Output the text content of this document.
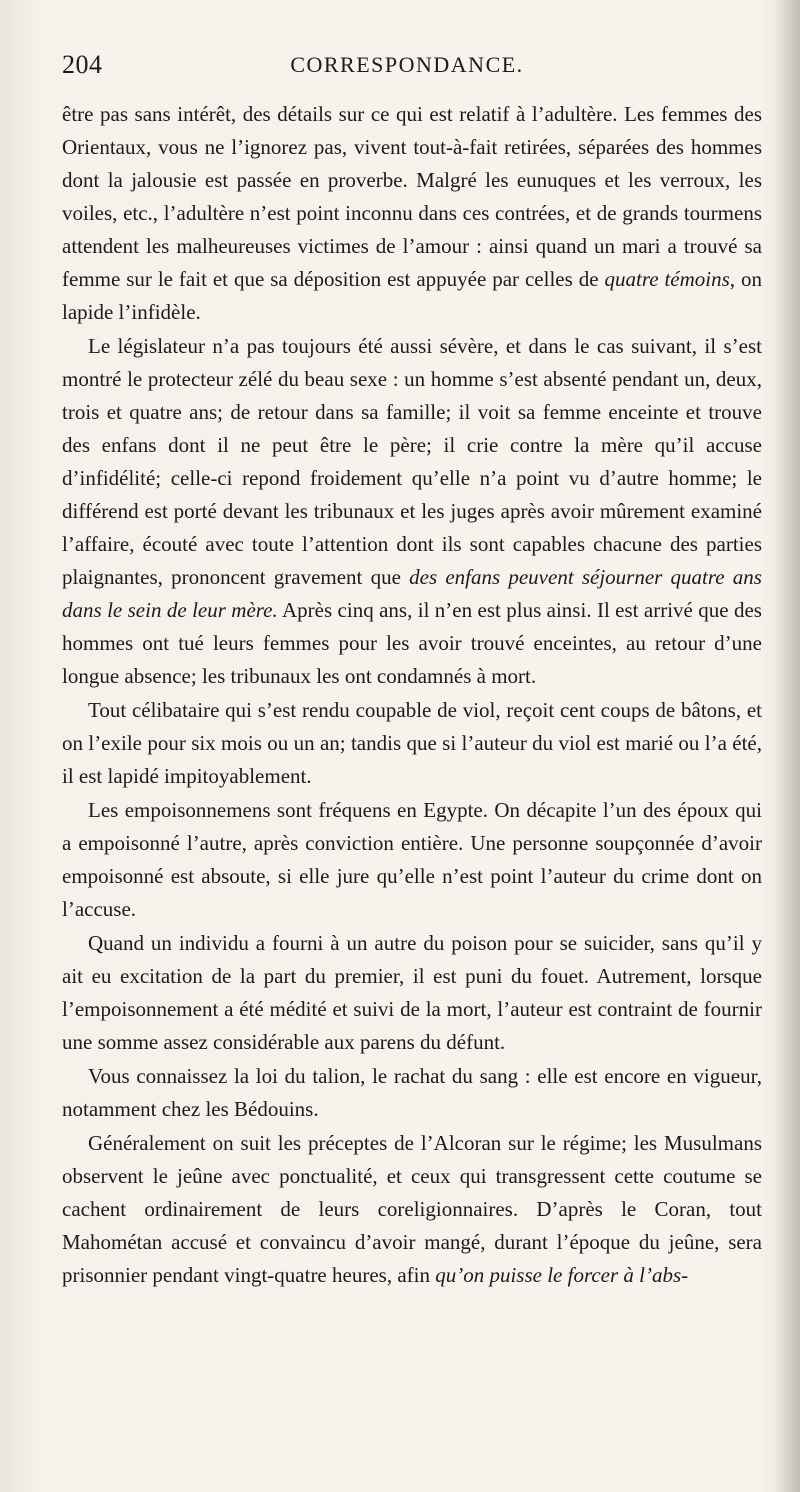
204	CORRESPONDANCE.

être pas sans intérêt, des détails sur ce qui est relatif à l’adultère. Les femmes des Orientaux, vous ne l’ignorez pas, vivent tout-à-fait retirées, séparées des hommes dont la jalousie est passée en proverbe. Malgré les eunuques et les verroux, les voiles, etc., l’adultère n’est point inconnu dans ces contrées, et de grands tourmens attendent les malheureuses victimes de l’amour : ainsi quand un mari a trouvé sa femme sur le fait et que sa déposition est appuyée par celles de quatre témoins, on lapide l’infidèle.

Le législateur n’a pas toujours été aussi sévère, et dans le cas suivant, il s’est montré le protecteur zélé du beau sexe : un homme s’est absenté pendant un, deux, trois et quatre ans; de retour dans sa famille; il voit sa femme enceinte et trouve des enfans dont il ne peut être le père; il crie contre la mère qu’il accuse d’infidélité; celle-ci repond froidement qu’elle n’a point vu d’autre homme; le différend est porté devant les tribunaux et les juges après avoir mûrement examiné l’affaire, écouté avec toute l’attention dont ils sont capables chacune des parties plaignantes, prononcent gravement que des enfans peuvent séjourner quatre ans dans le sein de leur mère. Après cinq ans, il n’en est plus ainsi. Il est arrivé que des hommes ont tué leurs femmes pour les avoir trouvé enceintes, au retour d’une longue absence; les tribunaux les ont condamnés à mort.

Tout célibataire qui s’est rendu coupable de viol, reçoit cent coups de bâtons, et on l’exile pour six mois ou un an; tandis que si l’auteur du viol est marié ou l’a été, il est lapidé impitoyablement.

Les empoisonnemens sont fréquens en Egypte. On décapite l’un des époux qui a empoisonné l’autre, après conviction entière. Une personne soupçonnée d’avoir empoisonné est absoute, si elle jure qu’elle n’est point l’auteur du crime dont on l’accuse.

Quand un individu a fourni à un autre du poison pour se suicider, sans qu’il y ait eu excitation de la part du premier, il est puni du fouet. Autrement, lorsque l’empoisonnement a été médité et suivi de la mort, l’auteur est contraint de fournir une somme assez considérable aux parens du défunt.

Vous connaissez la loi du talion, le rachat du sang : elle est encore en vigueur, notamment chez les Bédouins.

Généralement on suit les préceptes de l’Alcoran sur le régime; les Musulmans observent le jeûne avec ponctualité, et ceux qui transgressent cette coutume se cachent ordinairement de leurs coreligionnaires. D’après le Coran, tout Mahométan accusé et convaincu d’avoir mangé, durant l’époque du jeûne, sera prisonnier pendant vingt-quatre heures, afin qu’on puisse le forcer à l’abs-
